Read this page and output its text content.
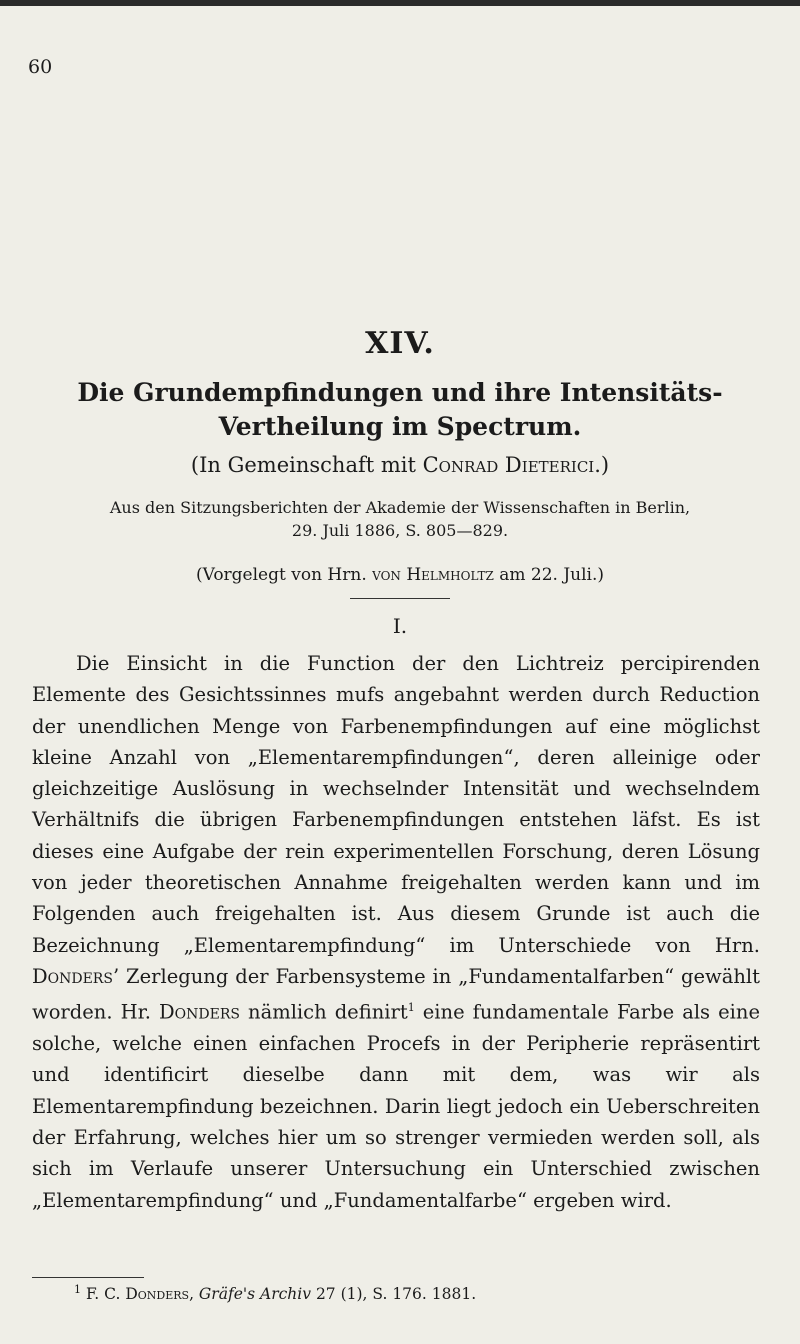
60
XIV.
Die Grundempfindungen und ihre Intensitäts-
Vertheilung im Spectrum.
(In Gemeinschaft mit Conrad Dieterici.)
Aus den Sitzungsberichten der Akademie der Wissenschaften in Berlin,
29. Juli 1886, S. 805—829.
(Vorgelegt von Hrn. von Helmholtz am 22. Juli.)
I.
Die Einsicht in die Function der den Lichtreiz percipirenden Elemente des Gesichtssinnes mufs angebahnt werden durch Reduction der unendlichen Menge von Farbenempfindungen auf eine möglichst kleine Anzahl von „Elementarempfindungen“, deren alleinige oder gleichzeitige Auslösung in wechselnder Intensität und wechselndem Verhältnifs die übrigen Farbenempfindungen entstehen läfst. Es ist dieses eine Aufgabe der rein experimentellen Forschung, deren Lösung von jeder theoretischen Annahme freigehalten werden kann und im Folgenden auch freigehalten ist. Aus diesem Grunde ist auch die Bezeichnung „Elementarempfindung“ im Unterschiede von Hrn. Donders’ Zerlegung der Farbensysteme in „Fundamentalfarben“ gewählt worden. Hr. Donders nämlich definirt$^1$ eine fundamentale Farbe als eine solche, welche einen einfachen Procefs in der Peripherie repräsentirt und identificirt dieselbe dann mit dem, was wir als Elementarempfindung bezeichnen. Darin liegt jedoch ein Ueberschreiten der Erfahrung, welches hier um so strenger vermieden werden soll, als sich im Verlaufe unserer Untersuchung ein Unterschied zwischen „Elementarempfindung“ und „Fundamentalfarbe“ ergeben wird.
$^1$ F. C. Donders, Gräfe's Archiv 27 (1), S. 176. 1881.
